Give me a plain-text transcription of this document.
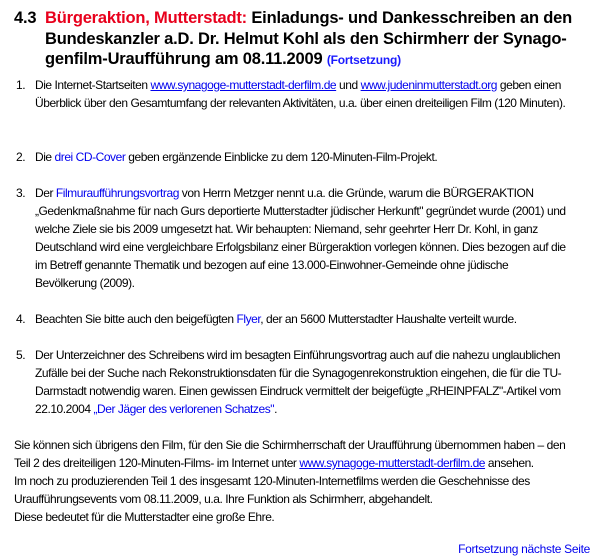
4.3 Bürgeraktion, Mutterstadt: Einladungs- und Dankesschreiben an den Bundeskanzler a.D. Dr. Helmut Kohl als den Schirmherr der Synago-genfilm-Uraufführung am 08.11.2009 (Fortsetzung)
1. Die Internet-Startseiten www.synagoge-mutterstadt-derfilm.de und www.judeninmutterstadt.org geben einen Überblick über den Gesamtumfang der relevanten Aktivitäten, u.a. über einen dreiteiligen Film (120 Minuten).
2. Die drei CD-Cover geben ergänzende Einblicke zu dem 120-Minuten-Film-Projekt.
3. Der Filmuraufführungsvortrag von Herrn Metzger nennt u.a. die Gründe, warum die BÜRGERAKTION „Gedenkmaßnahme für nach Gurs deportierte Mutterstadter jüdischer Herkunft" gegründet wurde (2001) und welche Ziele sie bis 2009 umgesetzt hat. Wir behaupten: Niemand, sehr geehrter Herr Dr. Kohl, in ganz Deutschland wird eine vergleichbare Erfolgsbilanz einer Bürgeraktion vorlegen können. Dies bezogen auf die im Betreff genannte Thematik und bezogen auf eine 13.000-Einwohner-Gemeinde ohne jüdische Bevölkerung (2009).
4. Beachten Sie bitte auch den beigefügten Flyer, der an 5600 Mutterstadter Haushalte verteilt wurde.
5. Der Unterzeichner des Schreibens wird im besagten Einführungsvortrag auch auf die nahezu unglaublichen Zufälle bei der Suche nach Rekonstruktionsdaten für die Synagogenrekonstruktion eingehen, die für die TU-Darmstadt notwendig waren. Einen gewissen Eindruck vermittelt der beigefügte „RHEINPFALZ"-Artikel vom 22.10.2004 „Der Jäger des verlorenen Schatzes".
Sie können sich übrigens den Film, für den Sie die Schirmherrschaft der Uraufführung übernommen haben – den Teil 2 des dreiteiligen 120-Minuten-Films- im Internet unter www.synagoge-mutterstadt-derfilm.de ansehen.
Im noch zu produzierenden Teil 1 des insgesamt 120-Minuten-Internetfilms werden die Geschehnisse des Uraufführungsevents vom 08.11.2009, u.a. Ihre Funktion als Schirmherr, abgehandelt.
Diese bedeutet für die Mutterstadter eine große Ehre.
Fortsetzung nächste Seite
